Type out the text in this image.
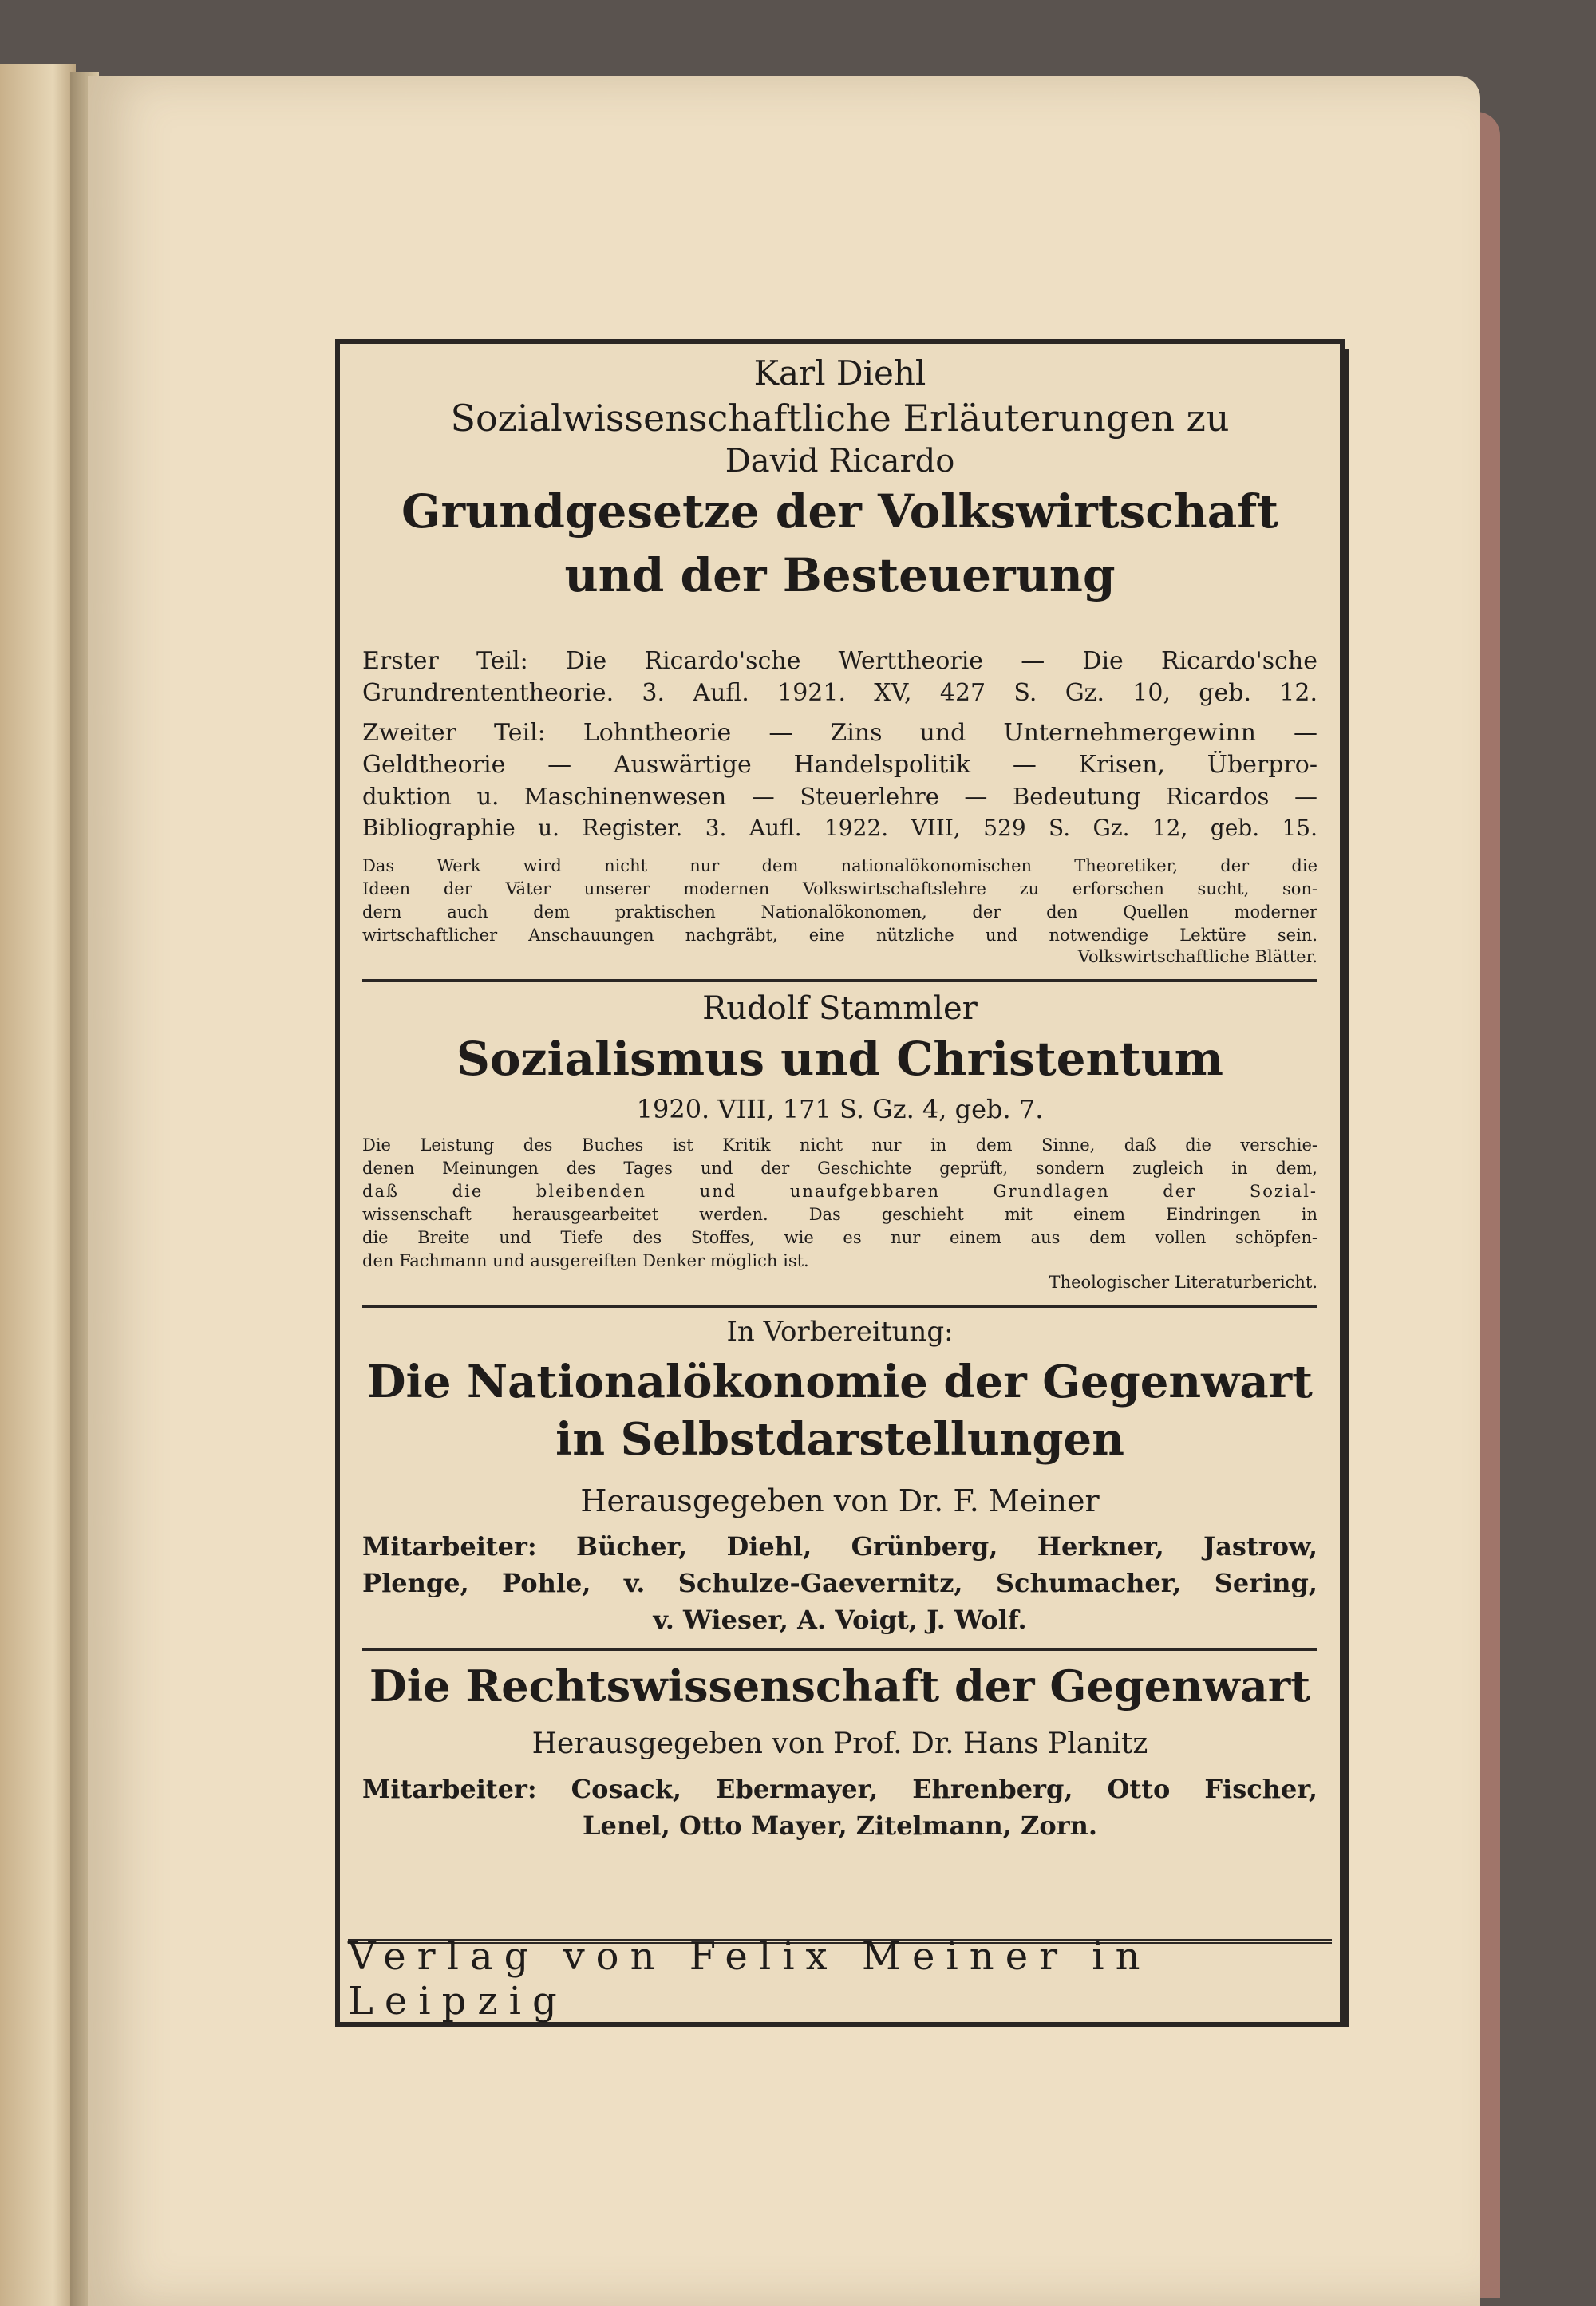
Karl Diehl
Sozialwissenschaftliche Erläuterungen zu
David Ricardo
Grundgesetze der Volkswirtschaft
und der Besteuerung
Erster Teil: Die Ricardo'sche Werttheorie — Die Ricardo'sche
Grundrententheorie. 3. Aufl. 1921. XV, 427 S. Gz. 10, geb. 12.
Zweiter Teil: Lohntheorie — Zins und Unternehmergewinn —
Geldtheorie — Auswärtige Handelspolitik — Krisen, Überpro-
duktion u. Maschinenwesen — Steuerlehre — Bedeutung Ricardos —
Bibliographie u. Register. 3. Aufl. 1922. VIII, 529 S. Gz. 12, geb. 15.
Das Werk wird nicht nur dem nationalökonomischen Theoretiker, der die
Ideen der Väter unserer modernen Volkswirtschaftslehre zu erforschen sucht, son-
dern auch dem praktischen Nationalökonomen, der den Quellen moderner
wirtschaftlicher Anschauungen nachgräbt, eine nützliche und notwendige Lektüre sein.
Volkswirtschaftliche Blätter.
Rudolf Stammler
Sozialismus und Christentum
1920. VIII, 171 S. Gz. 4, geb. 7.
Die Leistung des Buches ist Kritik nicht nur in dem Sinne, daß die verschie-
denen Meinungen des Tages und der Geschichte geprüft, sondern zugleich in dem,
daß die bleibenden und unaufgebbaren Grundlagen der Sozial-
wissenschaft herausgearbeitet werden. Das geschieht mit einem Eindringen in
die Breite und Tiefe des Stoffes, wie es nur einem aus dem vollen schöpfen-
den Fachmann und ausgereiften Denker möglich ist.
Theologischer Literaturbericht.
In Vorbereitung:
Die Nationalökonomie der Gegenwart
in Selbstdarstellungen
Herausgegeben von Dr. F. Meiner
Mitarbeiter: Bücher, Diehl, Grünberg, Herkner, Jastrow,
Plenge, Pohle, v. Schulze-Gaevernitz, Schumacher, Sering,
v. Wieser, A. Voigt, J. Wolf.
Die Rechtswissenschaft der Gegenwart
Herausgegeben von Prof. Dr. Hans Planitz
Mitarbeiter: Cosack, Ebermayer, Ehrenberg, Otto Fischer,
Lenel, Otto Mayer, Zitelmann, Zorn.
Verlag von Felix Meiner in Leipzig
